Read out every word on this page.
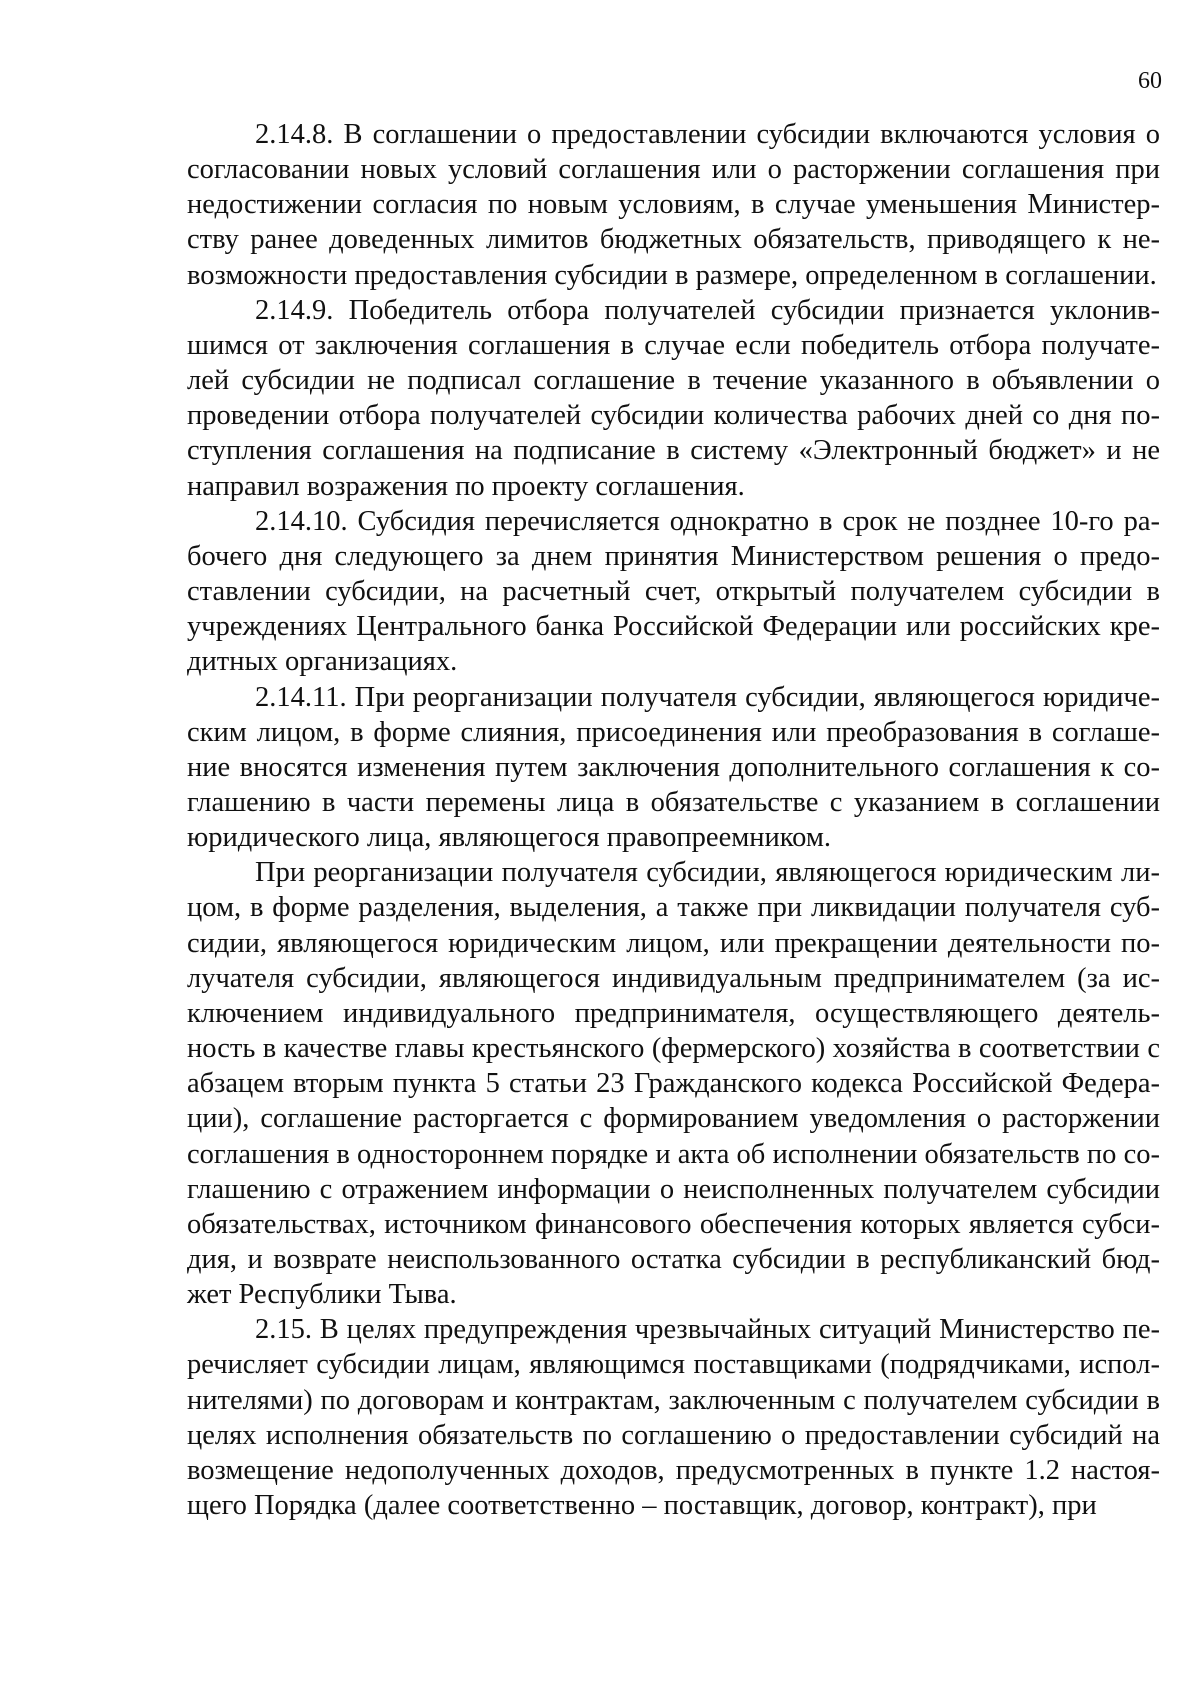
60

2.14.8. В соглашении о предоставлении субсидии включаются условия о согласовании новых условий соглашения или о расторжении соглашения при недостижении согласия по новым условиям, в случае уменьшения Министерству ранее доведенных лимитов бюджетных обязательств, приводящего к невозможности предоставления субсидии в размере, определенном в соглашении.

2.14.9. Победитель отбора получателей субсидии признается уклонившимся от заключения соглашения в случае если победитель отбора получателей субсидии не подписал соглашение в течение указанного в объявлении о проведении отбора получателей субсидии количества рабочих дней со дня поступления соглашения на подписание в систему «Электронный бюджет» и не направил возражения по проекту соглашения.

2.14.10. Субсидия перечисляется однократно в срок не позднее 10-го рабочего дня следующего за днем принятия Министерством решения о предоставлении субсидии, на расчетный счет, открытый получателем субсидии в учреждениях Центрального банка Российской Федерации или российских кредитных организациях.

2.14.11. При реорганизации получателя субсидии, являющегося юридическим лицом, в форме слияния, присоединения или преобразования в соглашение вносятся изменения путем заключения дополнительного соглашения к соглашению в части перемены лица в обязательстве с указанием в соглашении юридического лица, являющегося правопреемником.

При реорганизации получателя субсидии, являющегося юридическим лицом, в форме разделения, выделения, а также при ликвидации получателя субсидии, являющегося юридическим лицом, или прекращении деятельности получателя субсидии, являющегося индивидуальным предпринимателем (за исключением индивидуального предпринимателя, осуществляющего деятельность в качестве главы крестьянского (фермерского) хозяйства в соответствии с абзацем вторым пункта 5 статьи 23 Гражданского кодекса Российской Федерации), соглашение расторгается с формированием уведомления о расторжении соглашения в одностороннем порядке и акта об исполнении обязательств по соглашению с отражением информации о неисполненных получателем субсидии обязательствах, источником финансового обеспечения которых является субсидия, и возврате неиспользованного остатка субсидии в республиканский бюджет Республики Тыва.

2.15. В целях предупреждения чрезвычайных ситуаций Министерство перечисляет субсидии лицам, являющимся поставщиками (подрядчиками, исполнителями) по договорам и контрактам, заключенным с получателем субсидии в целях исполнения обязательств по соглашению о предоставлении субсидий на возмещение недополученных доходов, предусмотренных в пункте 1.2 настоящего Порядка (далее соответственно – поставщик, договор, контракт), при
